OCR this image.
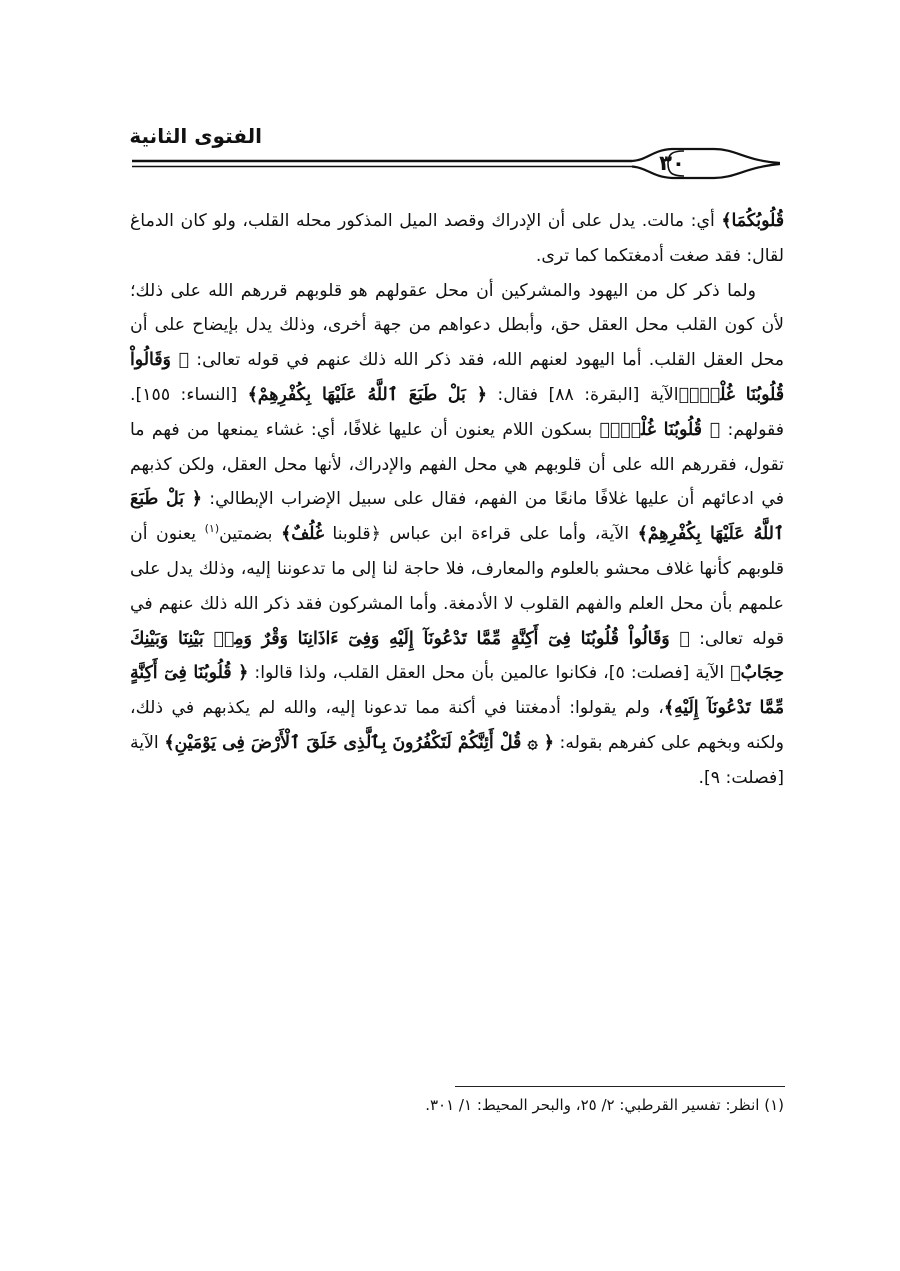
الفتوى الثانية
٣٠

قُلُوبُكُمَا﴾ أي: مالت. يدل على أن الإدراك وقصد الميل المذكور محله القلب، ولو كان الدماغ لقال: فقد صغت أدمغتكما كما ترى.

ولما ذكر كل من اليهود والمشركين أن محل عقولهم هو قلوبهم قررهم الله على ذلك؛ لأن كون القلب محل العقل حق، وأبطل دعواهم من جهة أخرى، وذلك يدل بإيضاح على أن محل العقل القلب. أما اليهود لعنهم الله، فقد ذكر الله ذلك عنهم في قوله تعالى: ﴿ وَقَالُواْ قُلُوبُنَا غُلْفٌۢ﴾الآية [البقرة: ٨٨] فقال: ﴿ بَلْ طَبَعَ ٱللَّهُ عَلَيْهَا بِكُفْرِهِمْ﴾ [النساء: ١٥٥]. فقولهم: ﴿ قُلُوبُنَا غُلْفٌۢ﴾ بسكون اللام يعنون أن عليها غلافًا، أي: غشاء يمنعها من فهم ما تقول، فقررهم الله على أن قلوبهم هي محل الفهم والإدراك، لأنها محل العقل، ولكن كذبهم في ادعائهم أن عليها غلافًا مانعًا من الفهم، فقال على سبيل الإضراب الإبطالي: ﴿ بَلْ طَبَعَ ٱللَّهُ عَلَيْهَا بِكُفْرِهِمْ﴾ الآية، وأما على قراءة ابن عباس ﴿قلوبنا غُلُفٌ﴾ بضمتين$^{(١)}$ يعنون أن قلوبهم كأنها غلاف محشو بالعلوم والمعارف، فلا حاجة لنا إلى ما تدعوننا إليه، وذلك يدل على علمهم بأن محل العلم والفهم القلوب لا الأدمغة. وأما المشركون فقد ذكر الله ذلك عنهم في قوله تعالى: ﴿ وَقَالُواْ قُلُوبُنَا فِىٓ أَكِنَّةٍ مِّمَّا تَدْعُونَآ إِلَيْهِ وَفِىٓ ءَاذَانِنَا وَقْرٌ وَمِنۢ بَيْنِنَا وَبَيْنِكَ حِجَابٌ﴾ الآية [فصلت: ٥]، فكانوا عالمين بأن محل العقل القلب، ولذا قالوا: ﴿ قُلُوبُنَا فِىٓ أَكِنَّةٍ مِّمَّا تَدْعُونَآ إِلَيْهِ﴾، ولم يقولوا: أدمغتنا في أكنة مما تدعونا إليه، والله لم يكذبهم في ذلك، ولكنه وبخهم على كفرهم بقوله: ﴿ ۞ قُلْ أَئِنَّكُمْ لَتَكْفُرُونَ بِٱلَّذِى خَلَقَ ٱلْأَرْضَ فِى يَوْمَيْنِ﴾ الآية [فصلت: ٩].

(١) انظر: تفسير القرطبي: ٢/ ٢٥، والبحر المحيط: ١/ ٣٠١.
